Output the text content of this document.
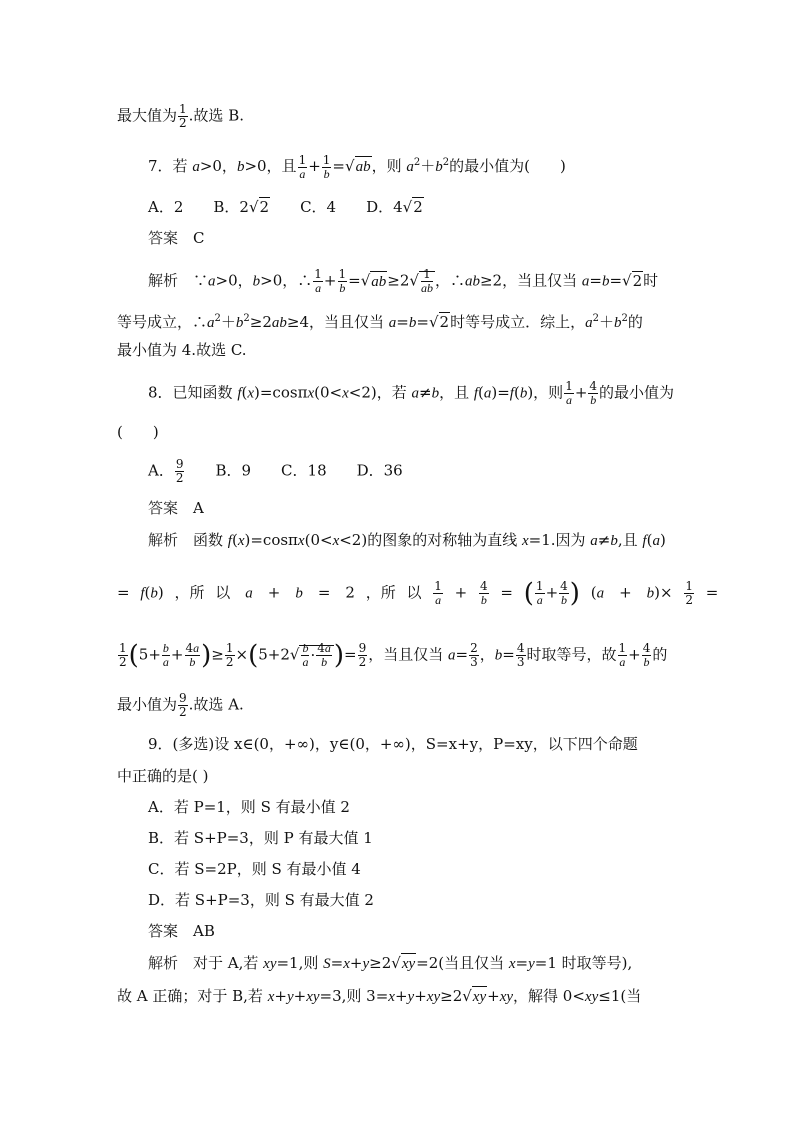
最大值为 $\frac{1}{2}$ .故选 B.
7．若 a>0，b>0，且 $\frac{1}{a} + \frac{1}{b} =√ab$，则 $a^2+b^2$的最小值为(　　)
A．2　　B．2√2　　C．4　　D．4√2
答案　C
解析　∵a>0，b>0，∴ $\frac{1}{a} + \frac{1}{b} =√ab\ge 2√ \frac{1}{ab}$ ，∴ab≥2，当且仅当 a=b=√2时
等号成立，$\therefore a^2+b^2\ge 2ab\ge 4$，当且仅当 a=b=√2时等号成立．综上，$a^2+b^2$的
最小值为 4.故选 C.
8．已知函数 f(x)=cosπx(0<x<2)，若 a≠b，且 f(a)=f(b)，则 $\frac{1}{a} + \frac{4}{b}$ 的最小值为
(　　)
A． $\frac{9}{2}$ 　　B．9　　C．18　　D．36
答案　A
解析　函数 f(x)=cosπx(0<x<2)的图象的对称轴为直线 x=1.因为 a≠b,且 f(a)
= f(b) ，所 以　a　+　b　=　2 ，所 以 $\frac{1}{a} + \frac{4}{b}$ = ( $\frac{1}{a} + \frac{4}{b}$ ) (a　+　$b)\times \frac{1}{2}$ =
$\frac{1}{2} (5+ \frac{b}{a} + \frac{4a}{b}$ )≥ $\frac{1}{2} \times(5+2√ \frac{b}{a} \cdot \frac{4a}{b}$ )= $\frac{9}{2}$ ，当且仅当 $a= \frac{2}{3}$ ，$b= \frac{4}{3}$ 时取等号，故 $\frac{1}{a} + \frac{4}{b}$ 的
最小值为 $\frac{9}{2}$ .故选 A.
9．(多选)设 x∈(0，+∞)，y∈(0，+∞)，S=x+y，P=xy，以下四个命题
中正确的是( )
A．若 P=1，则 S 有最小值 2
B．若 S+P=3，则 P 有最大值 1
C．若 S=2P，则 S 有最小值 4
D．若 S+P=3，则 S 有最大值 2
答案　 AB
解析　对于 A,若 xy=1,则 S=x+y≥2√xy=2(当且仅当 x=y=1 时取等号),
故 A 正确；对于 B,若 x+y+xy=3,则 3=x+y+xy≥2√xy+xy，解得 0<xy≤1(当
